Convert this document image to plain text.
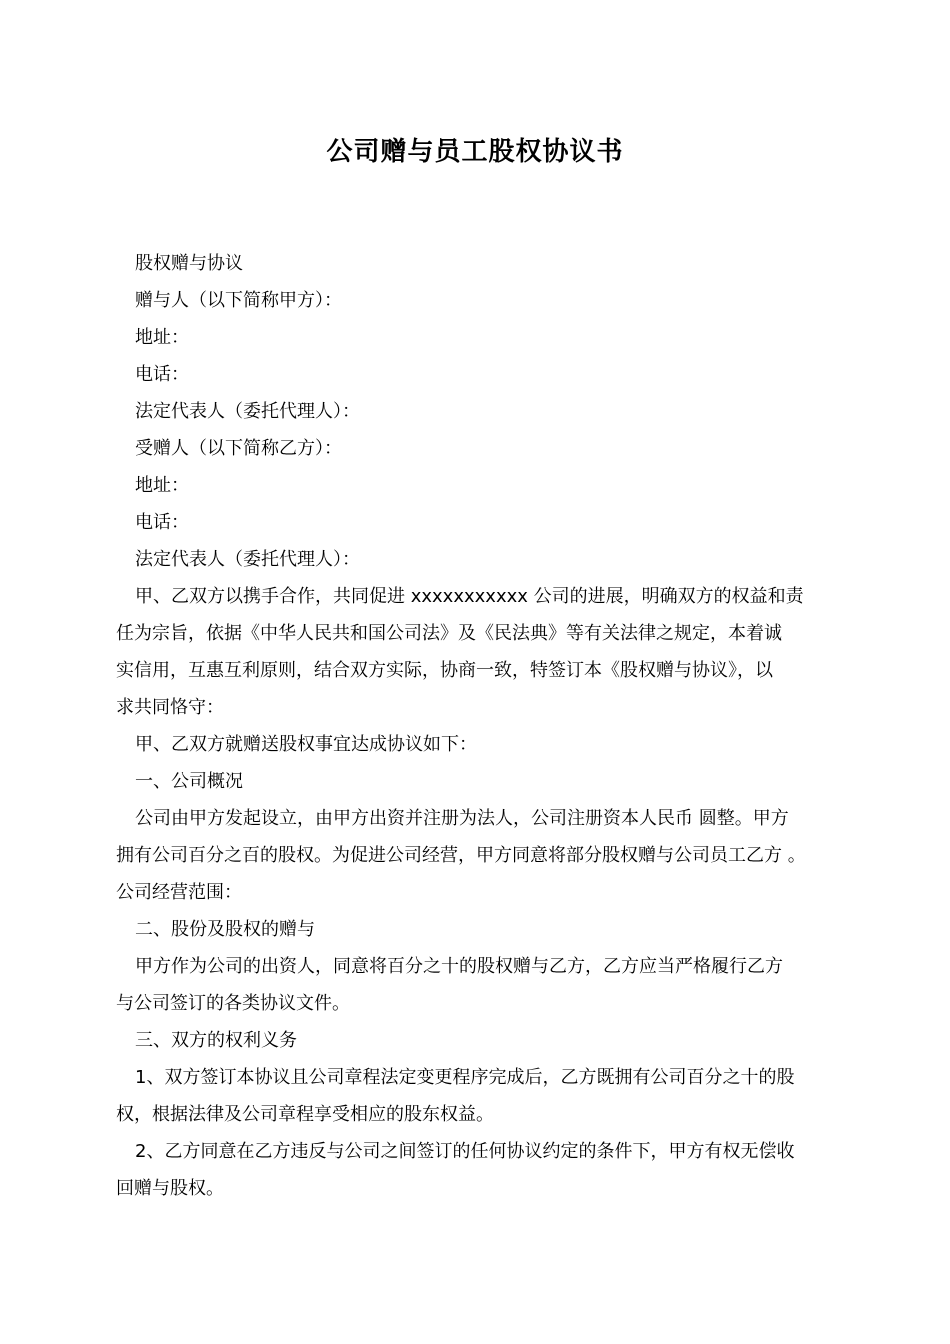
公司赠与员工股权协议书
股权赠与协议
赠与人（以下简称甲方）：
地址：
电话：
法定代表人（委托代理人）：
受赠人（以下简称乙方）：
地址：
电话：
法定代表人（委托代理人）：
甲、乙双方以携手合作，共同促进 xxxxxxxxxxx 公司的进展，明确双方的权益和责
任为宗旨，依据《中华人民共和国公司法》及《民法典》等有关法律之规定，本着诚
实信用，互惠互利原则，结合双方实际，协商一致，特签订本《股权赠与协议》，以
求共同恪守：
甲、乙双方就赠送股权事宜达成协议如下：
一、公司概况
公司由甲方发起设立，由甲方出资并注册为法人，公司注册资本人民币 圆整。甲方
拥有公司百分之百的股权。为促进公司经营，甲方同意将部分股权赠与公司员工乙方 。
公司经营范围：
二、股份及股权的赠与
甲方作为公司的出资人，同意将百分之十的股权赠与乙方，乙方应当严格履行乙方
与公司签订的各类协议文件。
三、双方的权利义务
1、双方签订本协议且公司章程法定变更程序完成后，乙方既拥有公司百分之十的股
权，根据法律及公司章程享受相应的股东权益。
2、乙方同意在乙方违反与公司之间签订的任何协议约定的条件下，甲方有权无偿收
回赠与股权。
